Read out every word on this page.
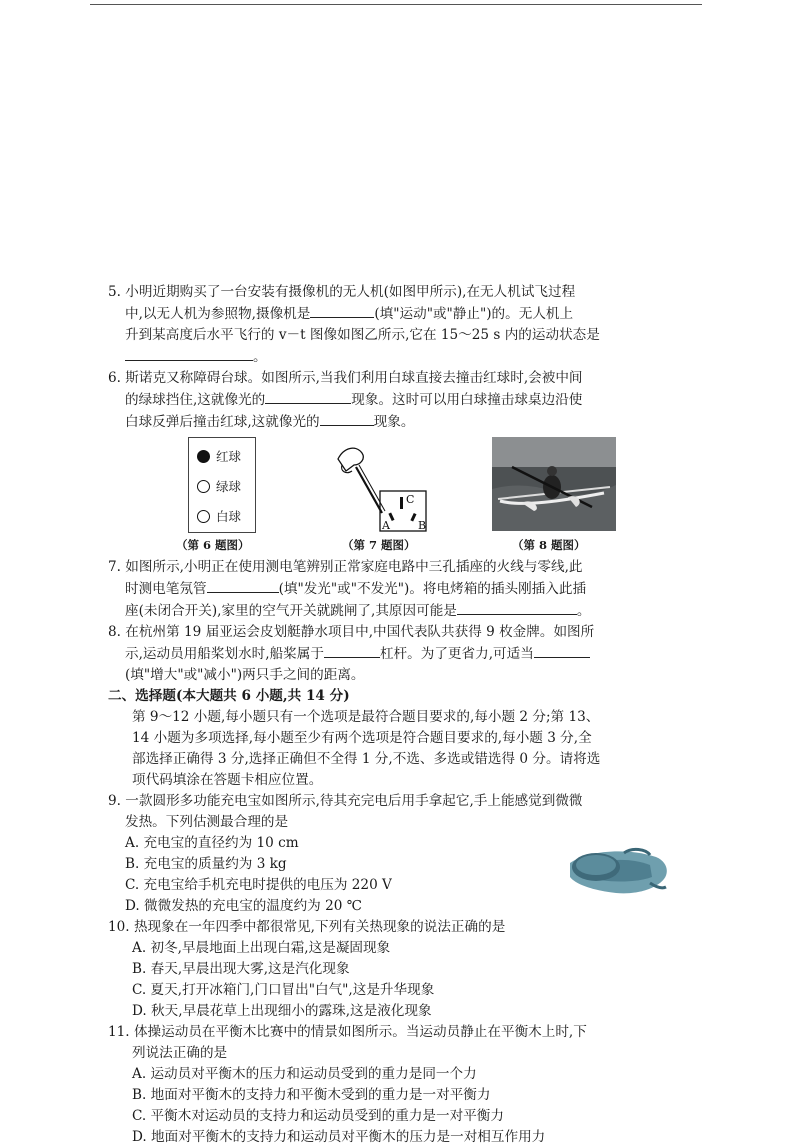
5. 小明近期购买了一台安装有摄像机的无人机(如图甲所示),在无人机试飞过程
中,以无人机为参照物,摄像机是	(填"运动"或"静止")的。无人机上
升到某高度后水平飞行的 v－t 图像如图乙所示,它在 15～25 s 内的运动状态是
。
6. 斯诺克又称障碍台球。如图所示,当我们利用白球直接去撞击红球时,会被中间
的绿球挡住,这就像光的	现象。这时可以用白球撞击球桌边沿使
白球反弹后撞击红球,这就像光的	现象。
红球
绿球
白球
（第 6 题图）
A	B
C
（第 7 题图）	（第 8 题图）
7. 如图所示,小明正在使用测电笔辨别正常家庭电路中三孔插座的火线与零线,此
时测电笔氖管	(填"发光"或"不发光")。将电烤箱的插头刚插入此插
座(未闭合开关),家里的空气开关就跳闸了,其原因可能是	。
8. 在杭州第 19 届亚运会皮划艇静水项目中,中国代表队共获得 9 枚金牌。如图所
示,运动员用船桨划水时,船桨属于	杠杆。为了更省力,可适当
(填"增大"或"减小")两只手之间的距离。
二、选择题(本大题共 6 小题,共 14 分)
第 9～12 小题,每小题只有一个选项是最符合题目要求的,每小题 2 分;第 13、
14 小题为多项选择,每小题至少有两个选项是符合题目要求的,每小题 3 分,全
部选择正确得 3 分,选择正确但不全得 1 分,不选、多选或错选得 0 分。请将选
项代码填涂在答题卡相应位置。
9. 一款圆形多功能充电宝如图所示,待其充完电后用手拿起它,手上能感觉到微微
发热。下列估测最合理的是
A. 充电宝的直径约为 10 cm
B. 充电宝的质量约为 3 kg
C. 充电宝给手机充电时提供的电压为 220 V
D. 微微发热的充电宝的温度约为 20 ℃
10. 热现象在一年四季中都很常见,下列有关热现象的说法正确的是
A. 初冬,早晨地面上出现白霜,这是凝固现象
B. 春天,早晨出现大雾,这是汽化现象
C. 夏天,打开冰箱门,门口冒出"白气",这是升华现象
D. 秋天,早晨花草上出现细小的露珠,这是液化现象
11. 体操运动员在平衡木比赛中的情景如图所示。当运动员静止在平衡木上时,下
列说法正确的是
A. 运动员对平衡木的压力和运动员受到的重力是同一个力
B. 地面对平衡木的支持力和平衡木受到的重力是一对平衡力
C. 平衡木对运动员的支持力和运动员受到的重力是一对平衡力
D. 地面对平衡木的支持力和运动员对平衡木的压力是一对相互作用力
